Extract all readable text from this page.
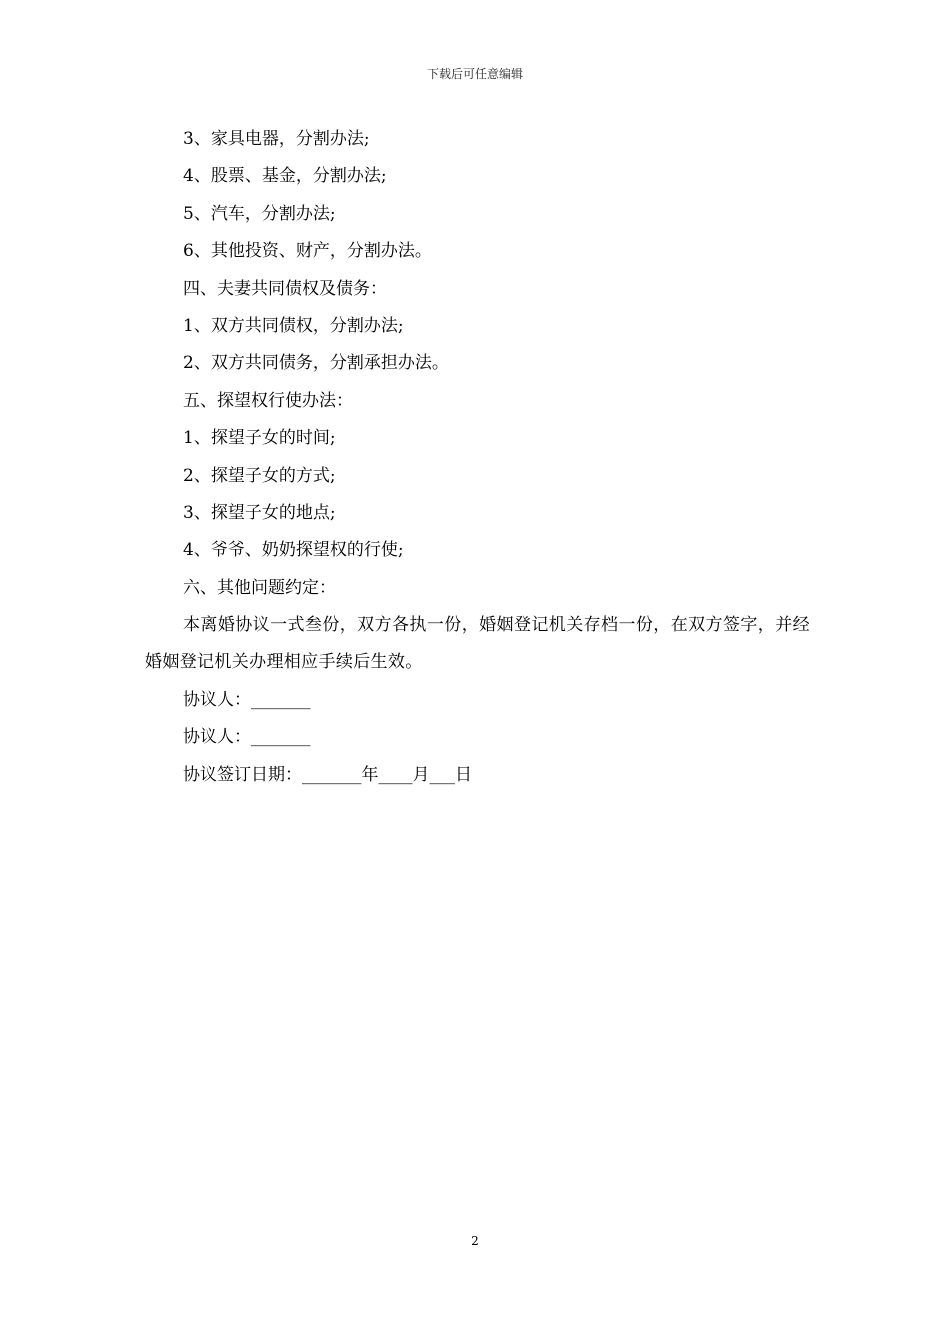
下载后可任意编辑
3、家具电器，分割办法;
4、股票、基金，分割办法;
5、汽车，分割办法;
6、其他投资、财产，分割办法。
四、夫妻共同债权及债务：
1、双方共同债权，分割办法;
2、双方共同债务，分割承担办法。
五、探望权行使办法：
1、探望子女的时间;
2、探望子女的方式;
3、探望子女的地点;
4、爷爷、奶奶探望权的行使;
六、其他问题约定：
本离婚协议一式叁份，双方各执一份，婚姻登记机关存档一份，在双方签字，并经婚姻登记机关办理相应手续后生效。
协议人：_______
协议人：_______
协议签订日期：_______年____月___日
2
